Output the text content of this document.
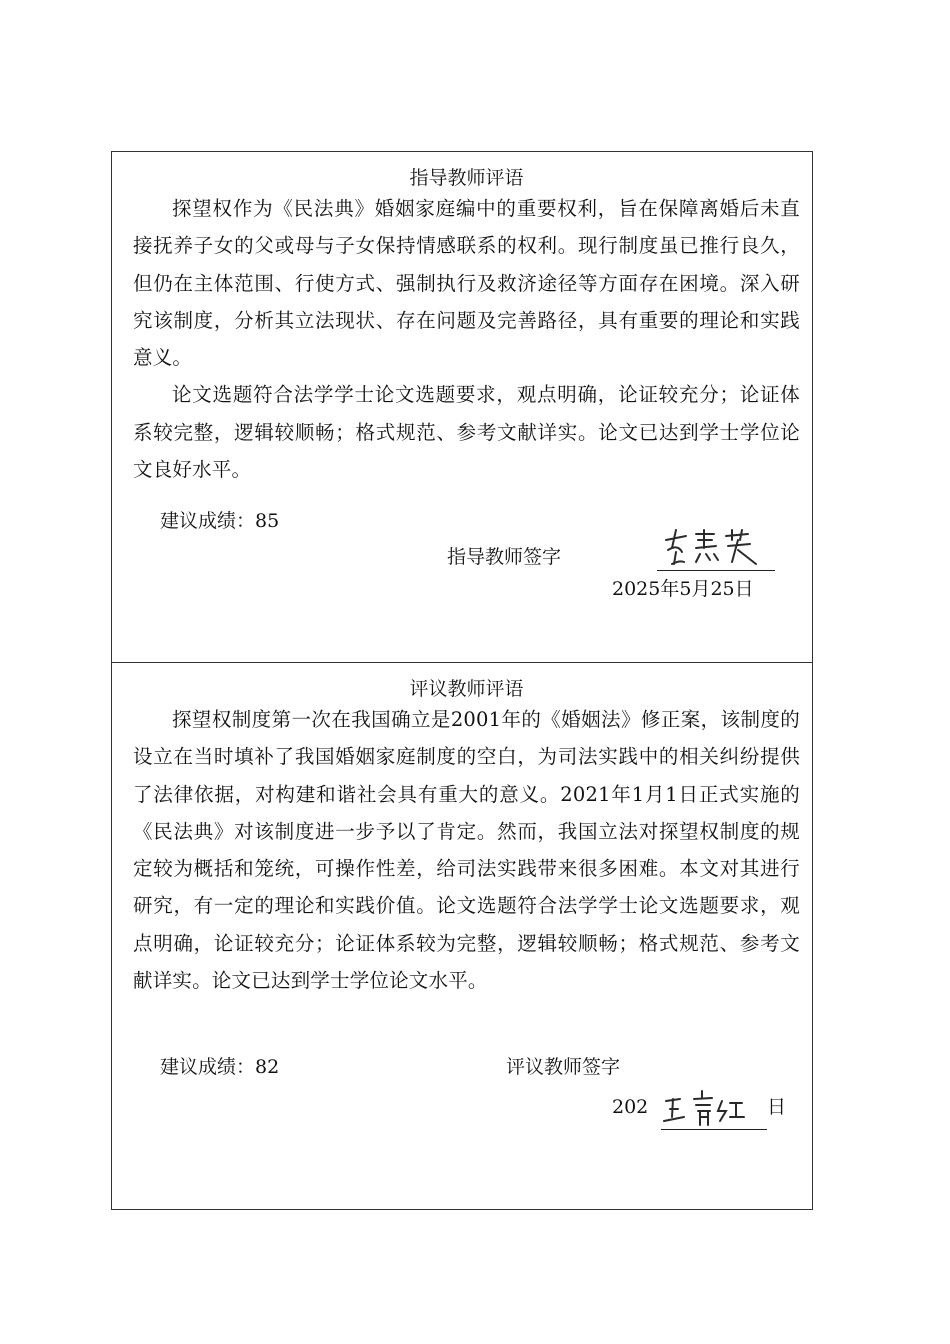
指导教师评语

探望权作为《民法典》婚姻家庭编中的重要权利，旨在保障离婚后未直接抚养子女的父或母与子女保持情感联系的权利。现行制度虽已推行良久，但仍在主体范围、行使方式、强制执行及救济途径等方面存在困境。深入研究该制度，分析其立法现状、存在问题及完善路径，具有重要的理论和实践意义。

论文选题符合法学学士论文选题要求，观点明确，论证较充分；论证体系较完整，逻辑较顺畅；格式规范、参考文献详实。论文已达到学士学位论文良好水平。

建议成绩：85
指导教师签字
2025年5月25日
评议教师评语

探望权制度第一次在我国确立是2001年的《婚姻法》修正案，该制度的设立在当时填补了我国婚姻家庭制度的空白，为司法实践中的相关纠纷提供了法律依据，对构建和谐社会具有重大的意义。2021年1月1日正式实施的《民法典》对该制度进一步予以了肯定。然而，我国立法对探望权制度的规定较为概括和笼统，可操作性差，给司法实践带来很多困难。本文对其进行研究，有一定的理论和实践价值。论文选题符合法学学士论文选题要求，观点明确，论证较充分；论证体系较为完整，逻辑较顺畅；格式规范、参考文献详实。论文已达到学士学位论文水平。

建议成绩：82	评议教师签字
202	日
